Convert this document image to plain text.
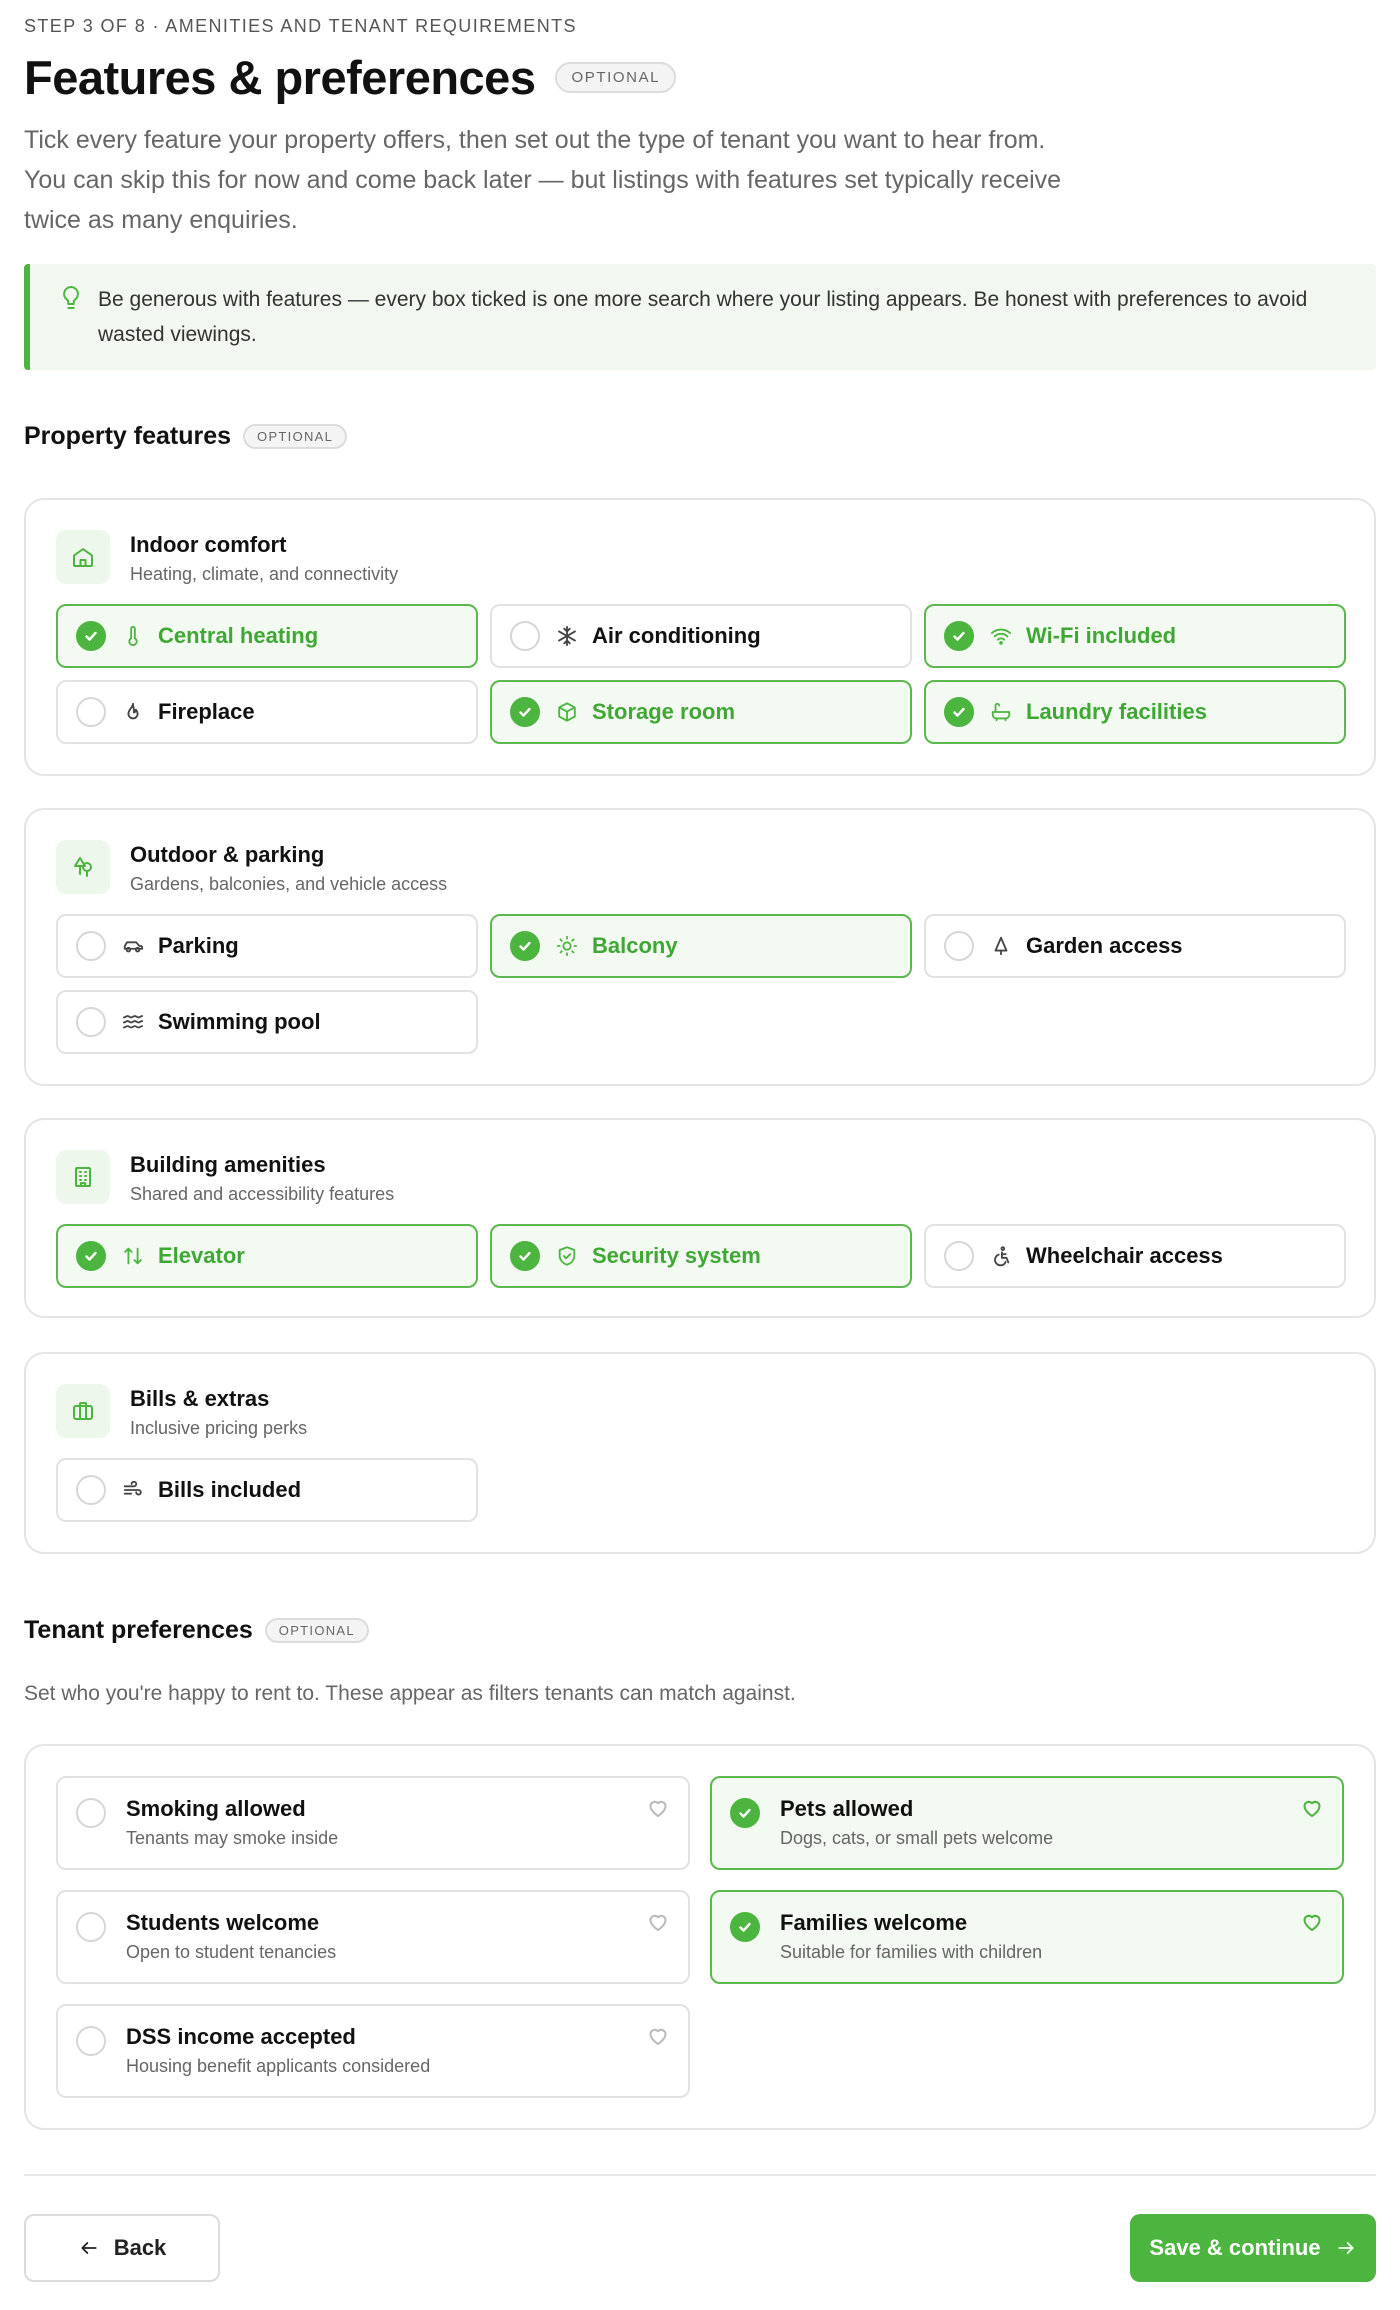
STEP 3 OF 8 · AMENITIES AND TENANT REQUIREMENTS
Features & preferences	OPTIONAL

Tick every feature your property offers, then set out the type of tenant you want to hear from. You can skip this for now and come back later — but listings with features set typically receive twice as many enquiries.

Be generous with features — every box ticked is one more search where your listing appears. Be honest with preferences to avoid wasted viewings.

Property features	OPTIONAL
Indoor comfort
Heating, climate, and connectivity
Central heating	Air conditioning	Wi-Fi included
Fireplace	Storage room	Laundry facilities
Outdoor & parking
Gardens, balconies, and vehicle access
Parking	Balcony	Garden access
Swimming pool
Building amenities
Shared and accessibility features
Elevator	Security system	Wheelchair access
Bills & extras
Inclusive pricing perks
Bills included
Tenant preferences	OPTIONAL

Set who you're happy to rent to. These appear as filters tenants can match against.

Smoking allowed
Tenants may smoke inside
Pets allowed
Dogs, cats, or small pets welcome
Students welcome
Open to student tenancies
Families welcome
Suitable for families with children
DSS income accepted
Housing benefit applicants considered
Back	Save & continue
